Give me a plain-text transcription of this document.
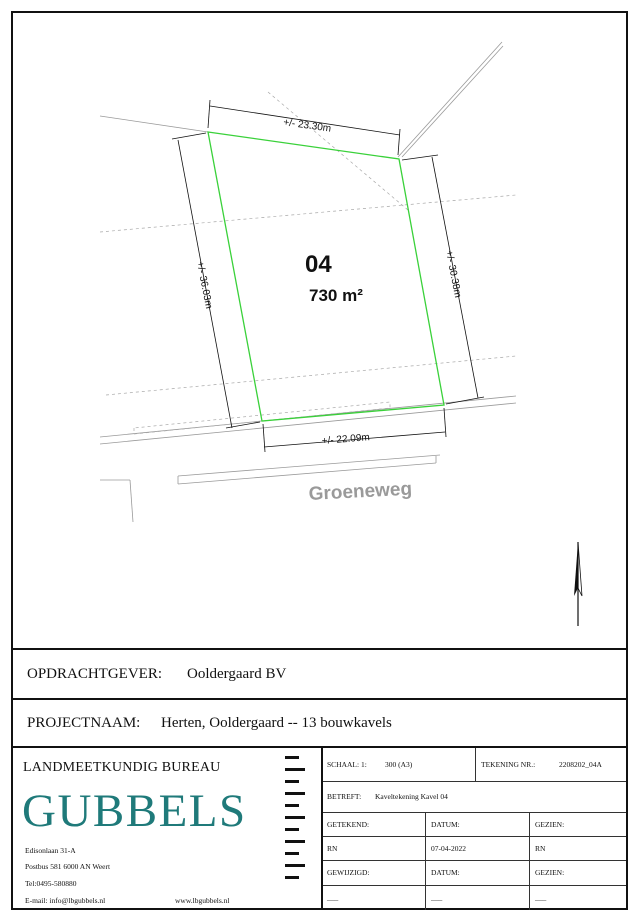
+/- 23.30m
+/- 36.03m	+/- 30.38m
+/- 22.09m
04
730 m²
Groeneweg
OPDRACHTGEVER: Ooldergaard BV
PROJECTNAAM: Herten, Ooldergaard -- 13 bouwkavels
LANDMEETKUNDIG BUREAU
GUBBELS
Edisonlaan 31-A
Postbus 581 6000 AN Weert
Tel:0495-580880
E-mail: info@lbgubbels.nl	www.lbgubbels.nl
SCHAAL: 1: 300 (A3)	TEKENING NR.:	2208202_04A
BETREFT: Kaveltekening Kavel 04
GETEKEND:	DATUM:	GEZIEN:
RN	07-04-2022	RN
GEWIJZIGD:	DATUM:	GEZIEN:
___	___	___
